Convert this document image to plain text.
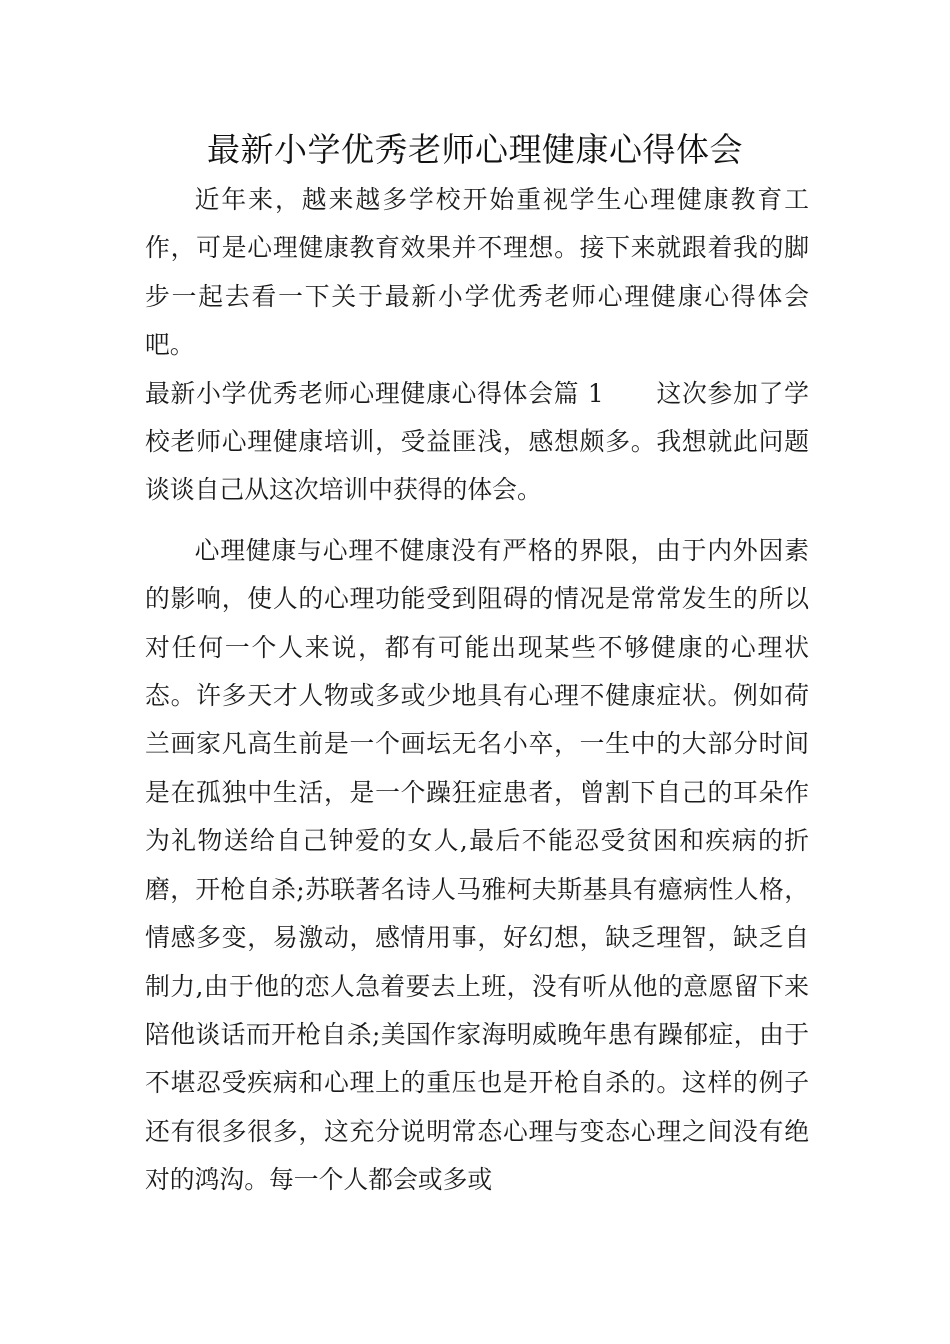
最新小学优秀老师心理健康心得体会

近年来，越来越多学校开始重视学生心理健康教育工作，可是心理健康教育效果并不理想。接下来就跟着我的脚步一起去看一下关于最新小学优秀老师心理健康心得体会吧。

最新小学优秀老师心理健康心得体会篇 1 这次参加了学校老师心理健康培训，受益匪浅，感想颇多。我想就此问题谈谈自己从这次培训中获得的体会。

心理健康与心理不健康没有严格的界限，由于内外因素的影响，使人的心理功能受到阻碍的情况是常常发生的所以对任何一个人来说，都有可能出现某些不够健康的心理状态。许多天才人物或多或少地具有心理不健康症状。例如荷兰画家凡高生前是一个画坛无名小卒，一生中的大部分时间是在孤独中生活，是一个躁狂症患者，曾割下自己的耳朵作为礼物送给自己钟爱的女人,最后不能忍受贫困和疾病的折磨，开枪自杀;苏联著名诗人马雅柯夫斯基具有癔病性人格，情感多变，易激动，感情用事，好幻想，缺乏理智，缺乏自制力,由于他的恋人急着要去上班，没有听从他的意愿留下来陪他谈话而开枪自杀;美国作家海明威晚年患有躁郁症，由于不堪忍受疾病和心理上的重压也是开枪自杀的。这样的例子还有很多很多，这充分说明常态心理与变态心理之间没有绝对的鸿沟。每一个人都会或多或
